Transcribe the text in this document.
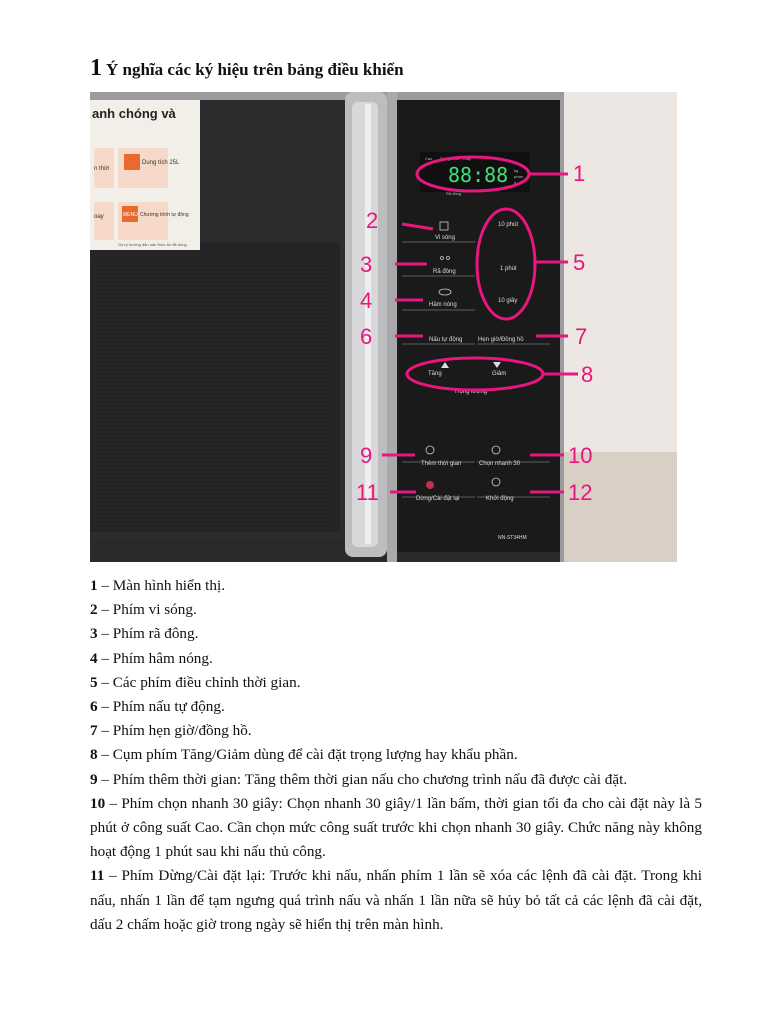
1 Ý nghĩa các ký hiệu trên bảng điều khiển
anh chóng và
n thời
Dung tích 25L
MENU
oay	Chương trình tự động
Gợi ý hướng dẫn nấu thức ăn đã dùng
Cao Trung bình Thấp
88:88 kg
phần
g
Rã đông
Vi sóng
Rã đông
Hâm nóng
Nấu tự động
10 phút
1 phút
10 giây
Hẹn giờ/Đồng hồ
Tăng	Giảm
Trọng lượng
Thêm thời gian	Chọn nhanh 30
Dừng/Cài đặt lại	Khởi động
NN-ST34HM
1
2
3
4
5
6	7
8
9	10
11	12

1 – Màn hình hiển thị.

2 – Phím vi sóng.

3 – Phím rã đông.

4 – Phím hâm nóng.

5 – Các phím điều chỉnh thời gian.

6 – Phím nấu tự động.

7 – Phím hẹn giờ/đồng hồ.

8 – Cụm phím Tăng/Giảm dùng để cài đặt trọng lượng hay khẩu phần.

9 – Phím thêm thời gian: Tăng thêm thời gian nấu cho chương trình nấu đã được cài đặt.

10 – Phím chọn nhanh 30 giây: Chọn nhanh 30 giây/1 lần bấm, thời gian tối đa cho cài đặt này là 5 phút ở công suất Cao. Cần chọn mức công suất trước khi chọn nhanh 30 giây. Chức năng này không hoạt động 1 phút sau khi nấu thủ công.

11 – Phím Dừng/Cài đặt lại: Trước khi nấu, nhấn phím 1 lần sẽ xóa các lệnh đã cài đặt. Trong khi nấu, nhấn 1 lần để tạm ngưng quá trình nấu và nhấn 1 lần nữa sẽ hủy bỏ tất cả các lệnh đã cài đặt, dấu 2 chấm hoặc giờ trong ngày sẽ hiển thị trên màn hình.
